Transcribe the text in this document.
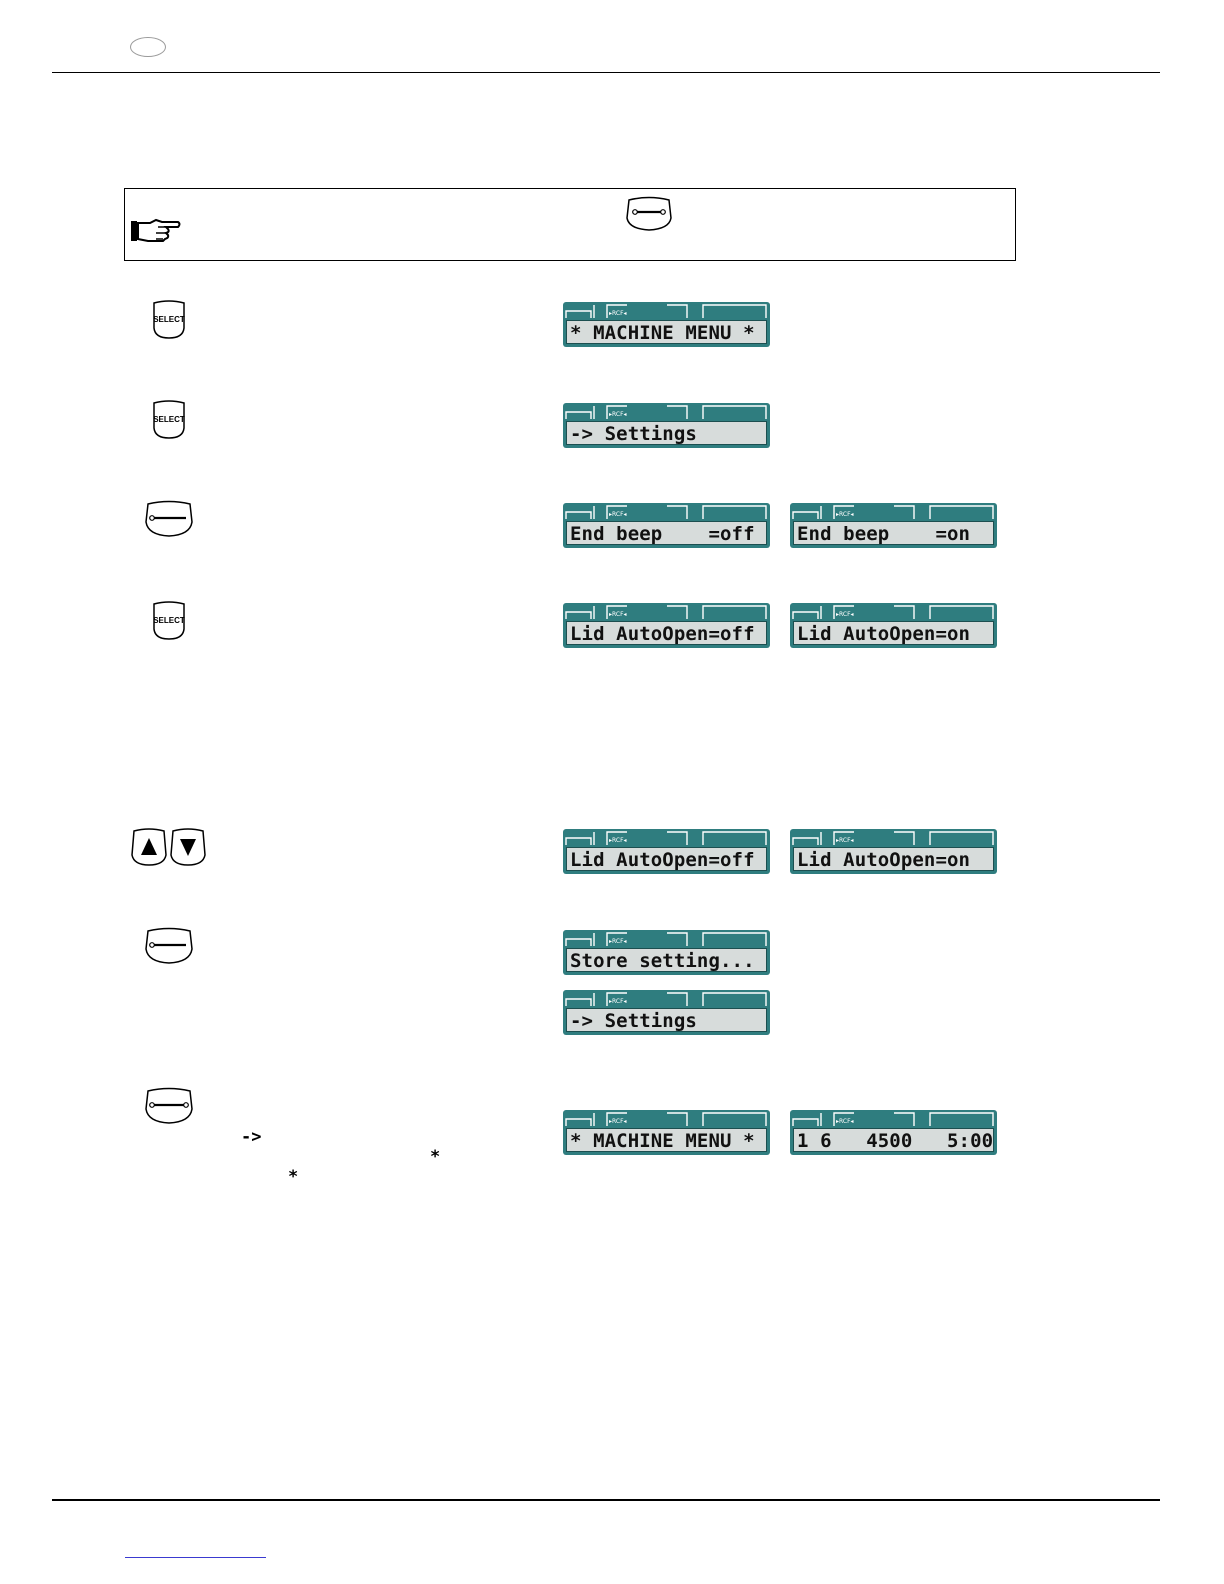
SELECT
SELECT
SELECT
->
*
*
▸RCF◂
* MACHINE MENU *
▸RCF◂
-> Settings
▸RCF◂
End beep    =off
▸RCF◂
End beep    =on
▸RCF◂
Lid AutoOpen=off
▸RCF◂
Lid AutoOpen=on
▸RCF◂
Lid AutoOpen=off
▸RCF◂
Lid AutoOpen=on
▸RCF◂
Store setting...
▸RCF◂
-> Settings
▸RCF◂
* MACHINE MENU *
▸RCF◂
1 6   4500   5:00
